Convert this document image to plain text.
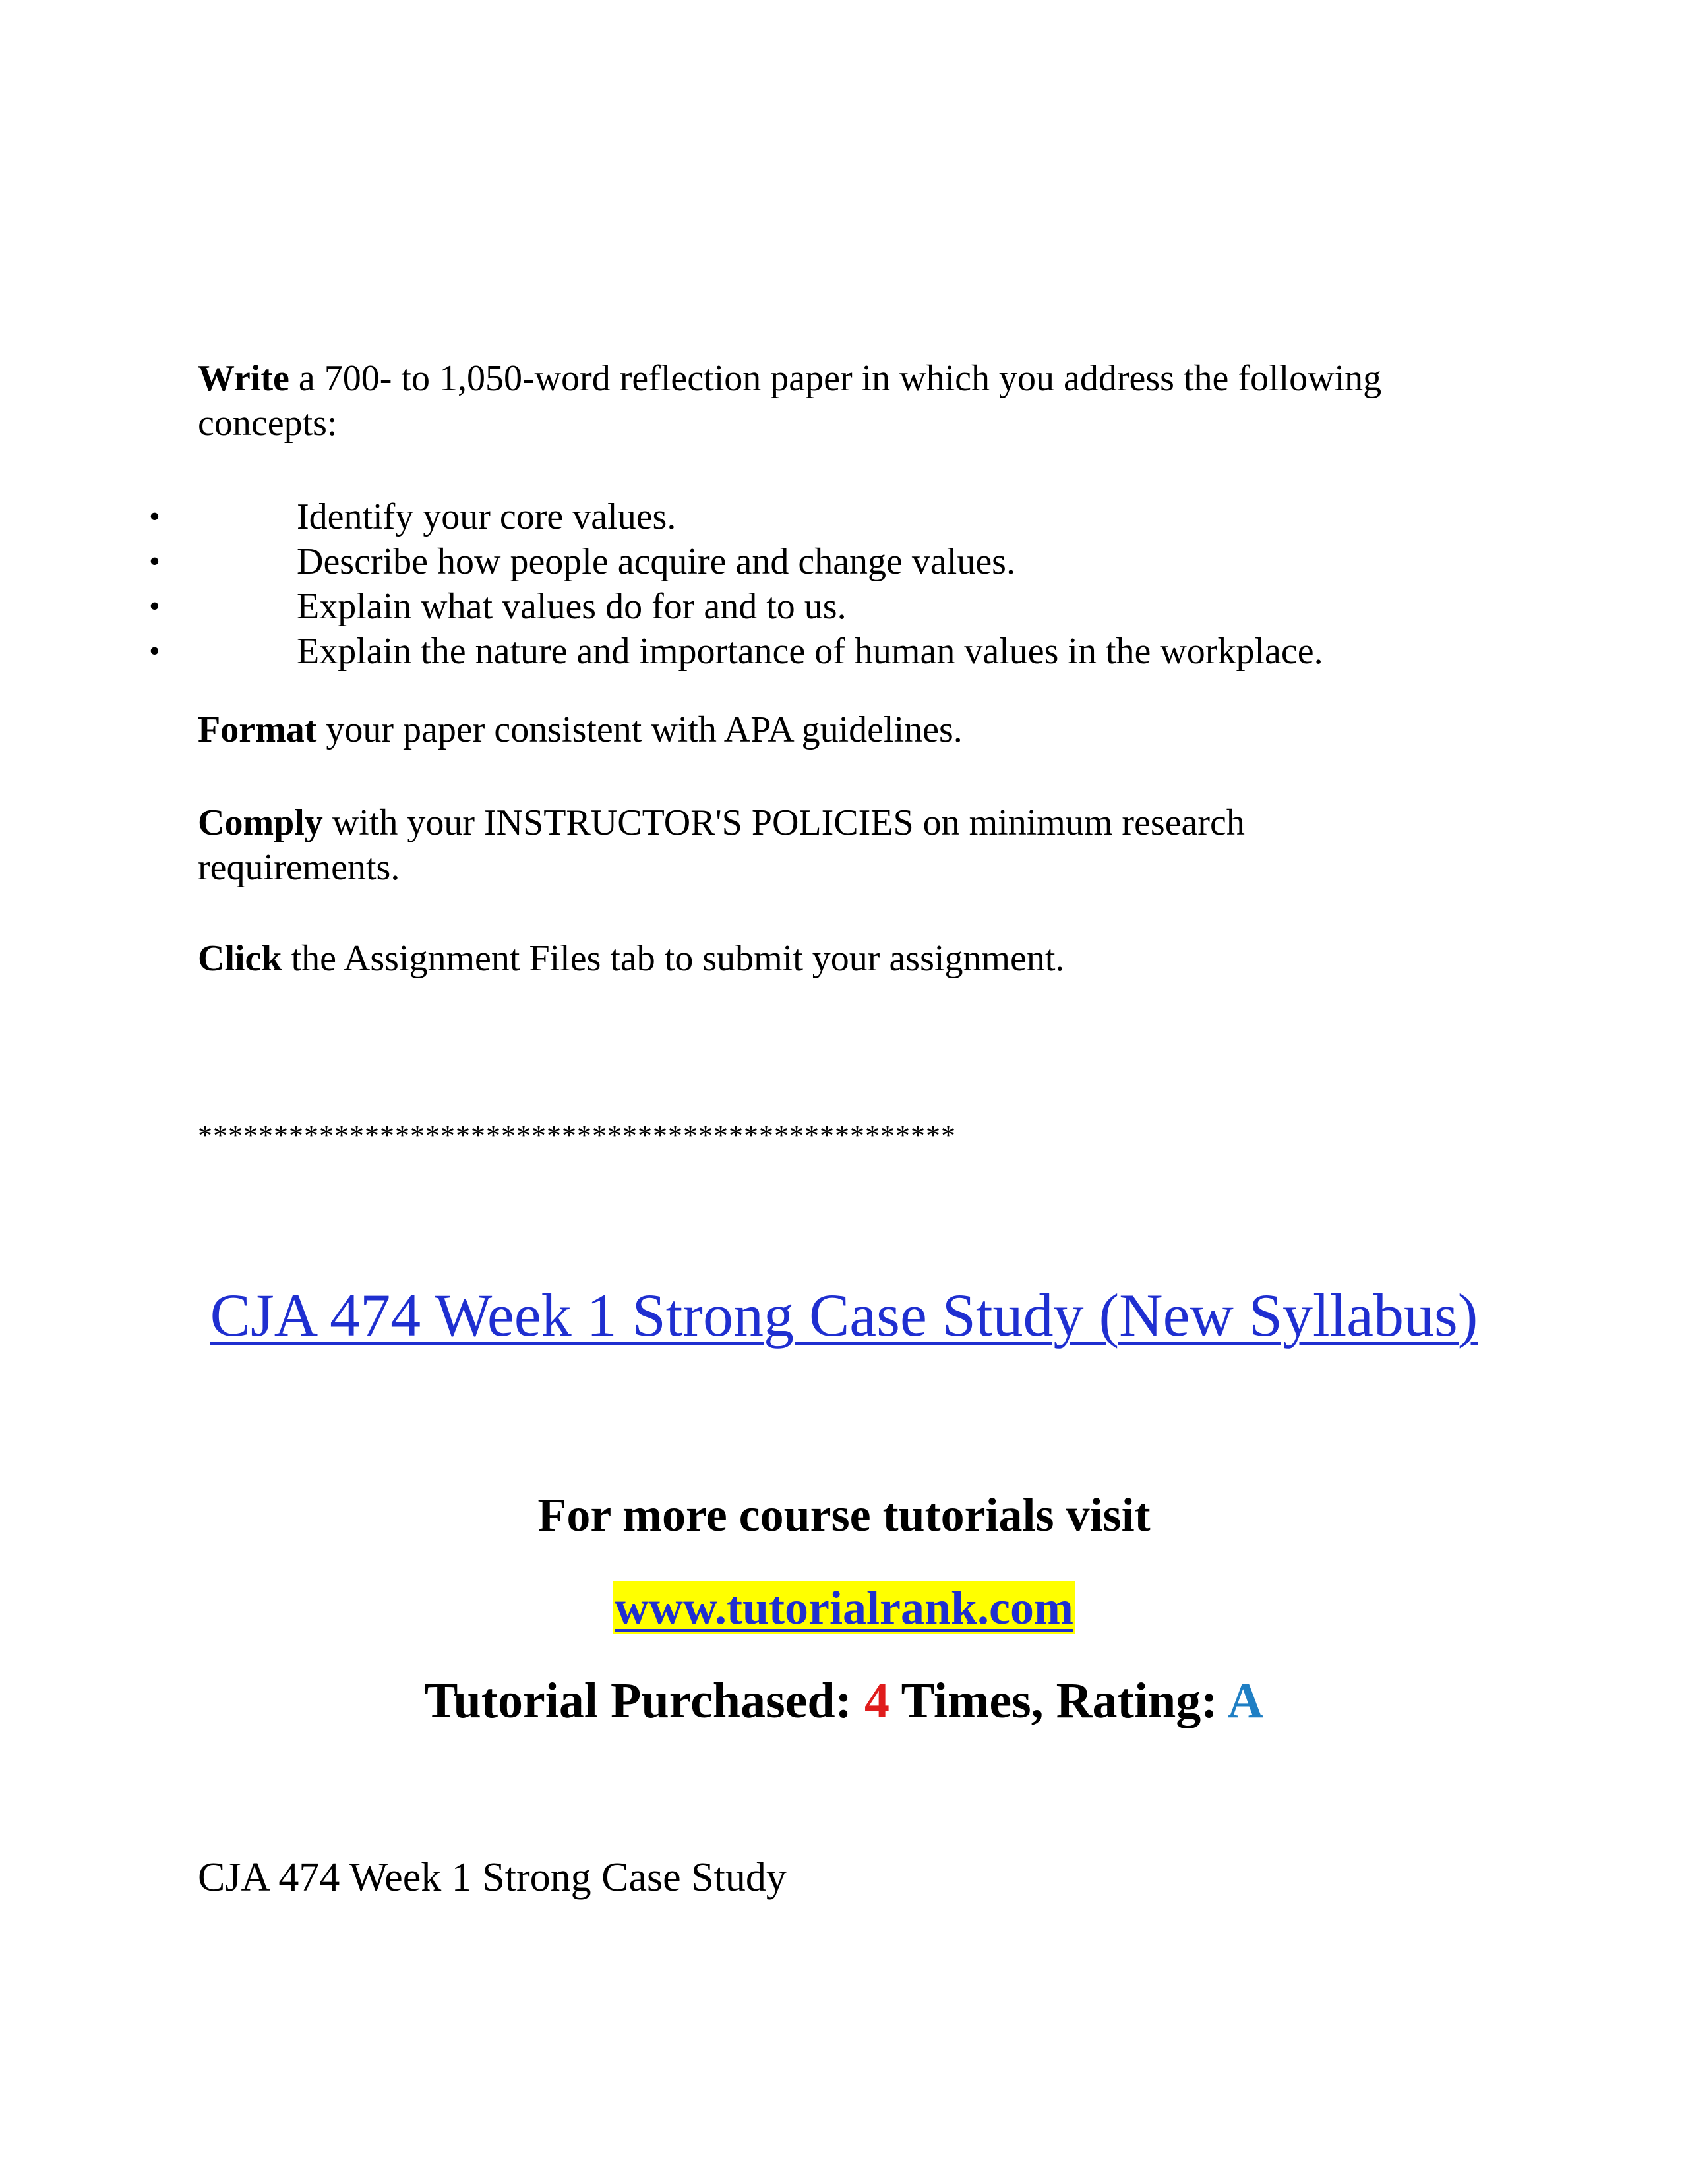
Write a 700- to 1,050-word reflection paper in which you address the following concepts:

•	Identify your core values.
•	Describe how people acquire and change values.
•	Explain what values do for and to us.
•	Explain the nature and importance of human values in the workplace.

Format your paper consistent with APA guidelines.

Comply with your INSTRUCTOR'S POLICIES on minimum research requirements.

Click the Assignment Files tab to submit your assignment.

**************************************************
CJA 474 Week 1 Strong Case Study (New Syllabus)
For more course tutorials visit
www.tutorialrank.com
Tutorial Purchased: 4 Times, Rating: A
CJA 474 Week 1 Strong Case Study
